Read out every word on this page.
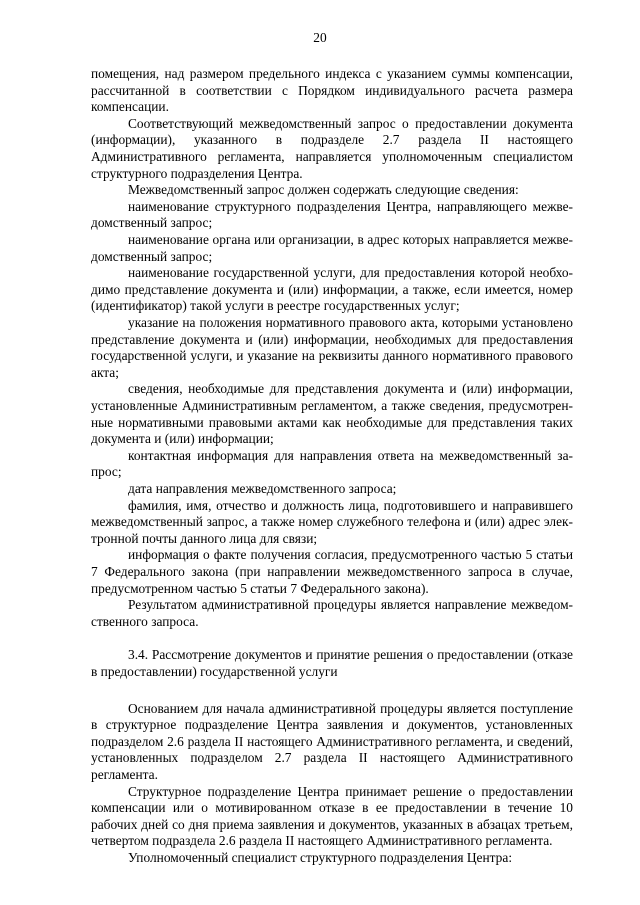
20
помещения, над размером предельного индекса с указанием суммы компенсации,
рассчитанной в соответствии с Порядком индивидуального расчета размера
компенсации.
Соответствующий межведомственный запрос о предоставлении документа
(информации), указанного в подразделе 2.7 раздела II настоящего
Административного регламента, направляется уполномоченным специалистом
структурного подразделения Центра.
Межведомственный запрос должен содержать следующие сведения:
наименование структурного подразделения Центра, направляющего межве-
домственный запрос;
наименование органа или организации, в адрес которых направляется межве-
домственный запрос;
наименование государственной услуги, для предоставления которой необхо-
димо представление документа и (или) информации, а также, если имеется, номер
(идентификатор) такой услуги в реестре государственных услуг;
указание на положения нормативного правового акта, которыми установлено
представление документа и (или) информации, необходимых для предоставления
государственной услуги, и указание на реквизиты данного нормативного правового
акта;
сведения, необходимые для представления документа и (или) информации,
установленные Административным регламентом, а также сведения, предусмотрен-
ные нормативными правовыми актами как необходимые для представления таких
документа и (или) информации;
контактная информация для направления ответа на межведомственный за-
прос;
дата направления межведомственного запроса;
фамилия, имя, отчество и должность лица, подготовившего и направившего
межведомственный запрос, а также номер служебного телефона и (или) адрес элек-
тронной почты данного лица для связи;
информация о факте получения согласия, предусмотренного частью 5 статьи
7 Федерального закона (при направлении межведомственного запроса в случае,
предусмотренном частью 5 статьи 7 Федерального закона).
Результатом административной процедуры является направление межведом-
ственного запроса.
3.4. Рассмотрение документов и принятие решения о предоставлении (отказе
в предоставлении) государственной услуги
Основанием для начала административной процедуры является поступление
в структурное подразделение Центра заявления и документов, установленных
подразделом 2.6 раздела II настоящего Административного регламента, и сведений,
установленных подразделом 2.7 раздела II настоящего Административного
регламента.
Структурное подразделение Центра принимает решение о предоставлении
компенсации или о мотивированном отказе в ее предоставлении в течение 10
рабочих дней со дня приема заявления и документов, указанных в абзацах третьем,
четвертом подраздела 2.6 раздела II настоящего Административного регламента.
Уполномоченный специалист структурного подразделения Центра:
